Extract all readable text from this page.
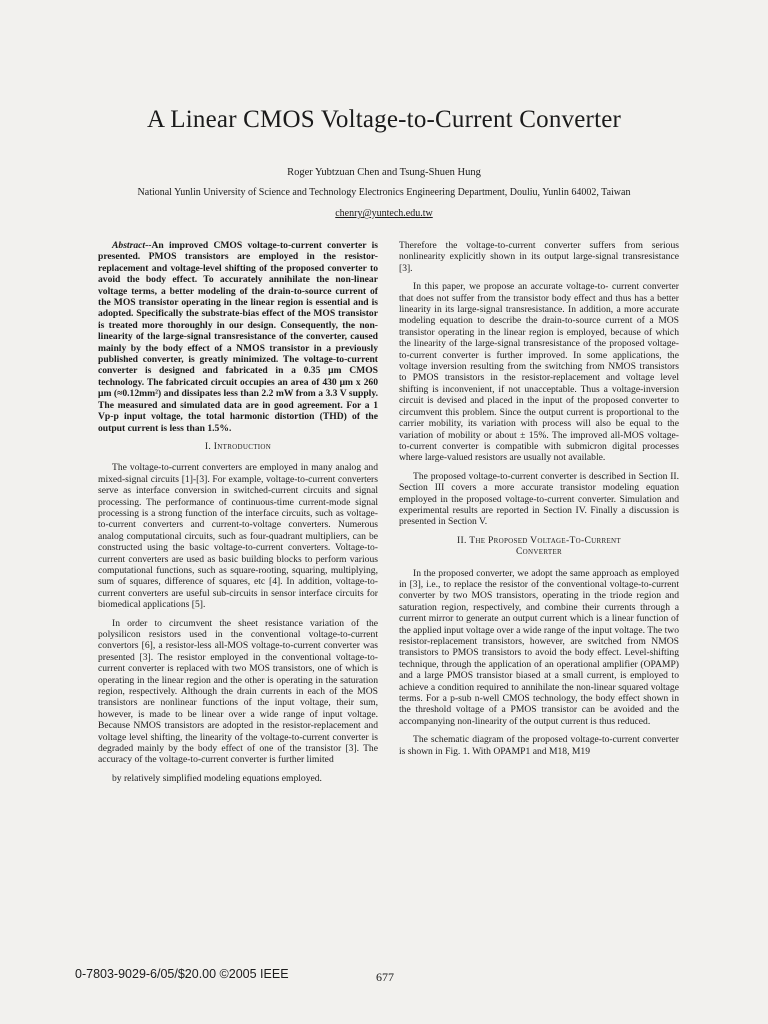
A Linear CMOS Voltage-to-Current Converter
Roger Yubtzuan Chen and Tsung-Shuen Hung
National Yunlin University of Science and Technology Electronics Engineering Department, Douliu, Yunlin 64002, Taiwan
chenry@yuntech.edu.tw

Abstract--An improved CMOS voltage-to-current converter is presented. PMOS transistors are employed in the resistor-replacement and voltage-level shifting of the proposed converter to avoid the body effect. To accurately annihilate the non-linear voltage terms, a better modeling of the drain-to-source current of the MOS transistor operating in the linear region is essential and is adopted. Specifically the substrate-bias effect of the MOS transistor is treated more thoroughly in our design. Consequently, the non-linearity of the large-signal transresistance of the converter, caused mainly by the body effect of a NMOS transistor in a previously published converter, is greatly minimized. The voltage-to-current converter is designed and fabricated in a 0.35 μm CMOS technology. The fabricated circuit occupies an area of 430 μm x 260 μm (≈0.12mm²) and dissipates less than 2.2 mW from a 3.3 V supply. The measured and simulated data are in good agreement. For a 1 Vp-p input voltage, the total harmonic distortion (THD) of the output current is less than 1.5%.

I. Introduction

The voltage-to-current converters are employed in many analog and mixed-signal circuits [1]-[3]. For example, voltage-to-current converters serve as interface conversion in switched-current circuits and signal processing. The performance of continuous-time current-mode signal processing is a strong function of the interface circuits, such as voltage-to-current converters and current-to-voltage converters. Numerous analog computational circuits, such as four-quadrant multipliers, can be constructed using the basic voltage-to-current converters. Voltage-to-current converters are used as basic building blocks to perform various computational functions, such as square-rooting, squaring, multiplying, sum of squares, difference of squares, etc [4]. In addition, voltage-to-current converters are useful sub-circuits in sensor interface circuits for biomedical applications [5].

In order to circumvent the sheet resistance variation of the polysilicon resistors used in the conventional voltage-to-current convertors [6], a resistor-less all-MOS voltage-to-current converter was presented [3]. The resistor employed in the conventional voltage-to-current converter is replaced with two MOS transistors, one of which is operating in the linear region and the other is operating in the saturation region, respectively. Although the drain currents in each of the MOS transistors are nonlinear functions of the input voltage, their sum, however, is made to be linear over a wide range of input voltage. Because NMOS transistors are adopted in the resistor-replacement and voltage level shifting, the linearity of the voltage-to-current converter is degraded mainly by the body effect of one of the transistor [3]. The accuracy of the voltage-to-current converter is further limited

by relatively simplified modeling equations employed.

Therefore the voltage-to-current converter suffers from serious nonlinearity explicitly shown in its output large-signal transresistance [3].

In this paper, we propose an accurate voltage-to- current converter that does not suffer from the transistor body effect and thus has a better linearity in its large-signal transresistance. In addition, a more accurate modeling equation to describe the drain-to-source current of a MOS transistor operating in the linear region is employed, because of which the linearity of the large-signal transresistance of the proposed voltage-to-current converter is further improved. In some applications, the voltage inversion resulting from the switching from NMOS transistors to PMOS transistors in the resistor-replacement and voltage level shifting is inconvenient, if not unacceptable. Thus a voltage-inversion circuit is devised and placed in the input of the proposed converter to circumvent this problem. Since the output current is proportional to the carrier mobility, its variation with process will also be equal to the variation of mobility or about ± 15%. The improved all-MOS voltage-to-current converter is compatible with submicron digital processes where large-valued resistors are usually not available.

The proposed voltage-to-current converter is described in Section II. Section III covers a more accurate transistor modeling equation employed in the proposed voltage-to-current converter. Simulation and experimental results are reported in Section IV. Finally a discussion is presented in Section V.

II. The Proposed Voltage-To-Current
Converter

In the proposed converter, we adopt the same approach as employed in [3], i.e., to replace the resistor of the conventional voltage-to-current converter by two MOS transistors, operating in the triode region and saturation region, respectively, and combine their currents through a current mirror to generate an output current which is a linear function of the applied input voltage over a wide range of the input voltage. The two resistor-replacement transistors, however, are switched from NMOS transistors to PMOS transistors to avoid the body effect. Level-shifting technique, through the application of an operational amplifier (OPAMP) and a large PMOS transistor biased at a small current, is employed to achieve a condition required to annihilate the non-linear squared voltage terms. For a p-sub n-well CMOS technology, the body effect shown in the threshold voltage of a PMOS transistor can be avoided and the accompanying non-linearity of the output current is thus reduced.

The schematic diagram of the proposed voltage-to-current converter is shown in Fig. 1. With OPAMP1 and M18, M19

0-7803-9029-6/05/$20.00 ©2005 IEEE	677
